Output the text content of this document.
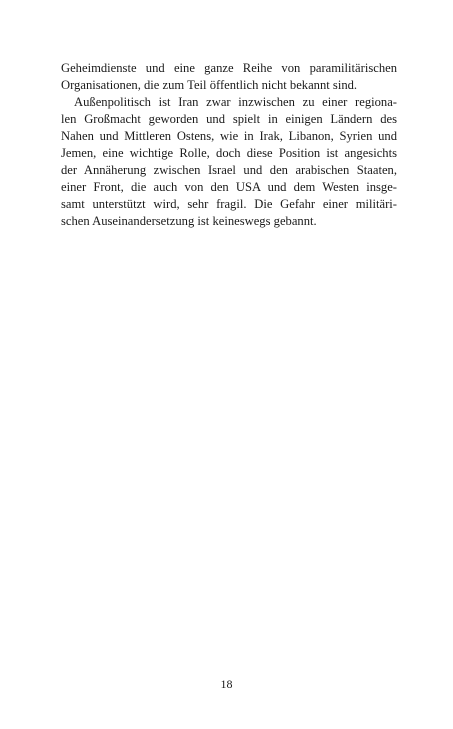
Geheimdienste und eine ganze Reihe von paramilitärischen
Organisationen, die zum Teil öffentlich nicht bekannt sind.

Außenpolitisch ist Iran zwar inzwischen zu einer regiona-
len Großmacht geworden und spielt in einigen Ländern des
Nahen und Mittleren Ostens, wie in Irak, Libanon, Syrien und
Jemen, eine wichtige Rolle, doch diese Position ist angesichts
der Annäherung zwischen Israel und den arabischen Staaten,
einer Front, die auch von den USA und dem Westen insge-
samt unterstützt wird, sehr fragil. Die Gefahr einer militäri-
schen Auseinandersetzung ist keineswegs gebannt.

18
